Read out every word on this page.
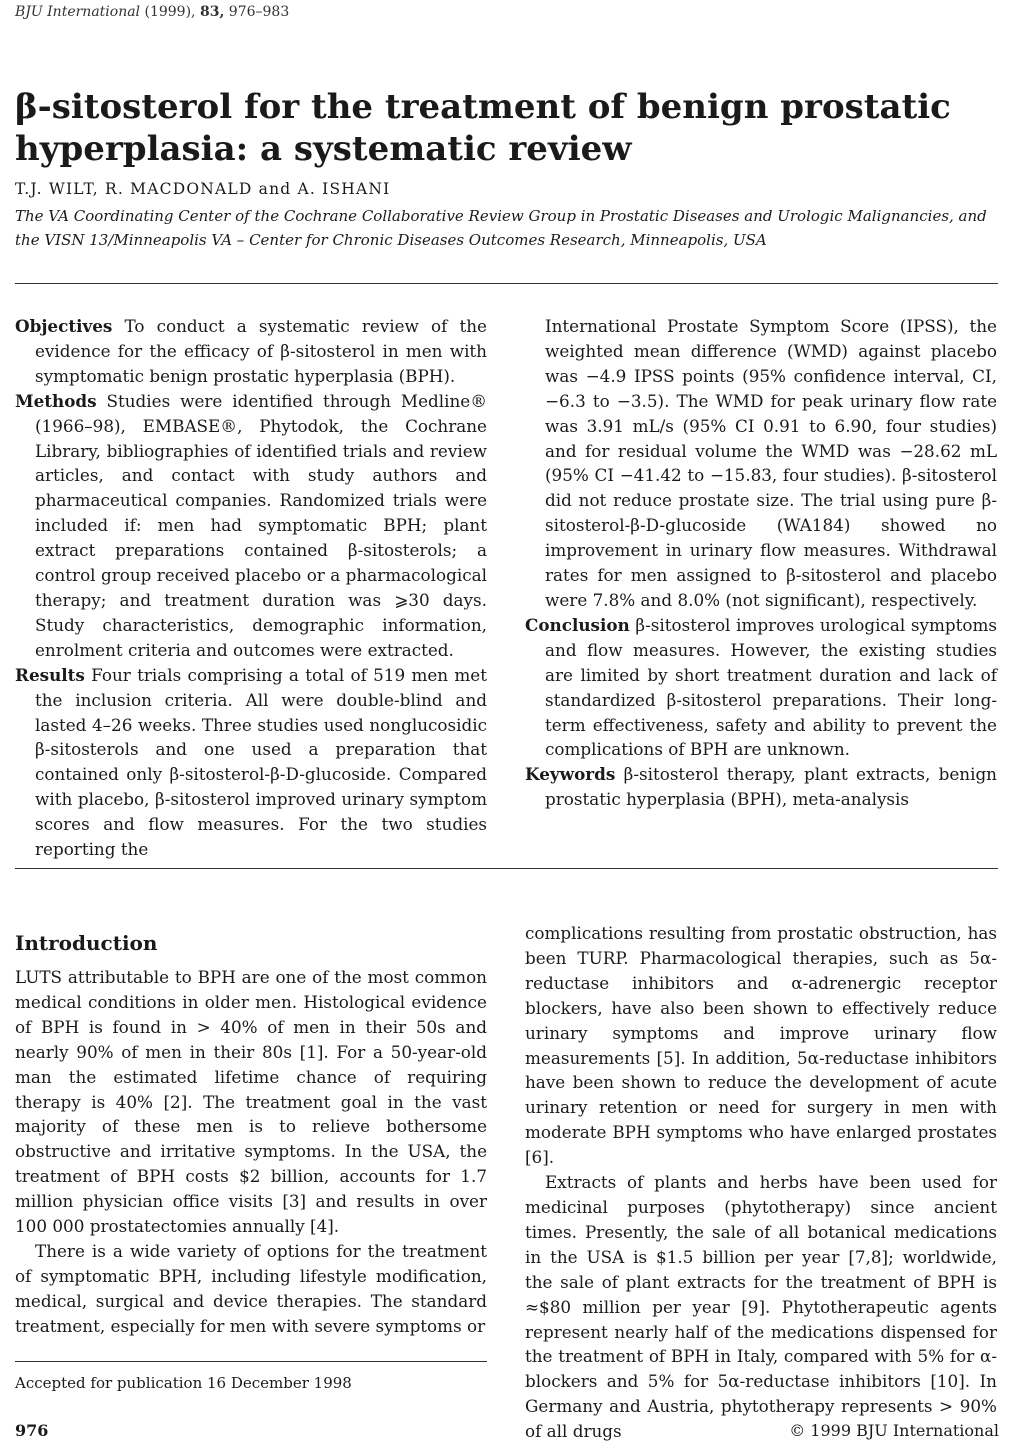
BJU International (1999), 83, 976–983
β-sitosterol for the treatment of benign prostatic hyperplasia: a systematic review
T.J. WILT, R. MACDONALD and A. ISHANI
The VA Coordinating Center of the Cochrane Collaborative Review Group in Prostatic Diseases and Urologic Malignancies, and the VISN 13/Minneapolis VA – Center for Chronic Diseases Outcomes Research, Minneapolis, USA

Objectives To conduct a systematic review of the evidence for the efficacy of β-sitosterol in men with symptomatic benign prostatic hyperplasia (BPH).

Methods Studies were identified through Medline® (1966–98), EMBASE®, Phytodok, the Cochrane Library, bibliographies of identified trials and review articles, and contact with study authors and pharmaceutical companies. Randomized trials were included if: men had symptomatic BPH; plant extract preparations contained β-sitosterols; a control group received placebo or a pharmacological therapy; and treatment duration was ⩾30 days. Study characteristics, demographic information, enrolment criteria and outcomes were extracted.

Results Four trials comprising a total of 519 men met the inclusion criteria. All were double-blind and lasted 4–26 weeks. Three studies used nonglucosidic β-sitosterols and one used a preparation that contained only β-sitosterol-β-D-glucoside. Compared with placebo, β-sitosterol improved urinary symptom scores and flow measures. For the two studies reporting the

International Prostate Symptom Score (IPSS), the weighted mean difference (WMD) against placebo was −4.9 IPSS points (95% confidence interval, CI, −6.3 to −3.5). The WMD for peak urinary flow rate was 3.91 mL/s (95% CI 0.91 to 6.90, four studies) and for residual volume the WMD was −28.62 mL (95% CI −41.42 to −15.83, four studies). β-sitosterol did not reduce prostate size. The trial using pure β-sitosterol-β-D-glucoside (WA184) showed no improvement in urinary flow measures. Withdrawal rates for men assigned to β-sitosterol and placebo were 7.8% and 8.0% (not significant), respectively.

Conclusion β-sitosterol improves urological symptoms and flow measures. However, the existing studies are limited by short treatment duration and lack of standardized β-sitosterol preparations. Their long-term effectiveness, safety and ability to prevent the complications of BPH are unknown.

Keywords β-sitosterol therapy, plant extracts, benign prostatic hyperplasia (BPH), meta-analysis

Introduction

LUTS attributable to BPH are one of the most common medical conditions in older men. Histological evidence of BPH is found in > 40% of men in their 50s and nearly 90% of men in their 80s [1]. For a 50-year-old man the estimated lifetime chance of requiring therapy is 40% [2]. The treatment goal in the vast majority of these men is to relieve bothersome obstructive and irritative symptoms. In the USA, the treatment of BPH costs $2 billion, accounts for 1.7 million physician office visits [3] and results in over 100 000 prostatectomies annually [4].

There is a wide variety of options for the treatment of symptomatic BPH, including lifestyle modification, medical, surgical and device therapies. The standard treatment, especially for men with severe symptoms or

complications resulting from prostatic obstruction, has been TURP. Pharmacological therapies, such as 5α-reductase inhibitors and α-adrenergic receptor blockers, have also been shown to effectively reduce urinary symptoms and improve urinary flow measurements [5]. In addition, 5α-reductase inhibitors have been shown to reduce the development of acute urinary retention or need for surgery in men with moderate BPH symptoms who have enlarged prostates [6].

Extracts of plants and herbs have been used for medicinal purposes (phytotherapy) since ancient times. Presently, the sale of all botanical medications in the USA is $1.5 billion per year [7,8]; worldwide, the sale of plant extracts for the treatment of BPH is ≈$80 million per year [9]. Phytotherapeutic agents represent nearly half of the medications dispensed for the treatment of BPH in Italy, compared with 5% for α-blockers and 5% for 5α-reductase inhibitors [10]. In Germany and Austria, phytotherapy represents > 90% of all drugs

Accepted for publication 16 December 1998
976	© 1999 BJU International
